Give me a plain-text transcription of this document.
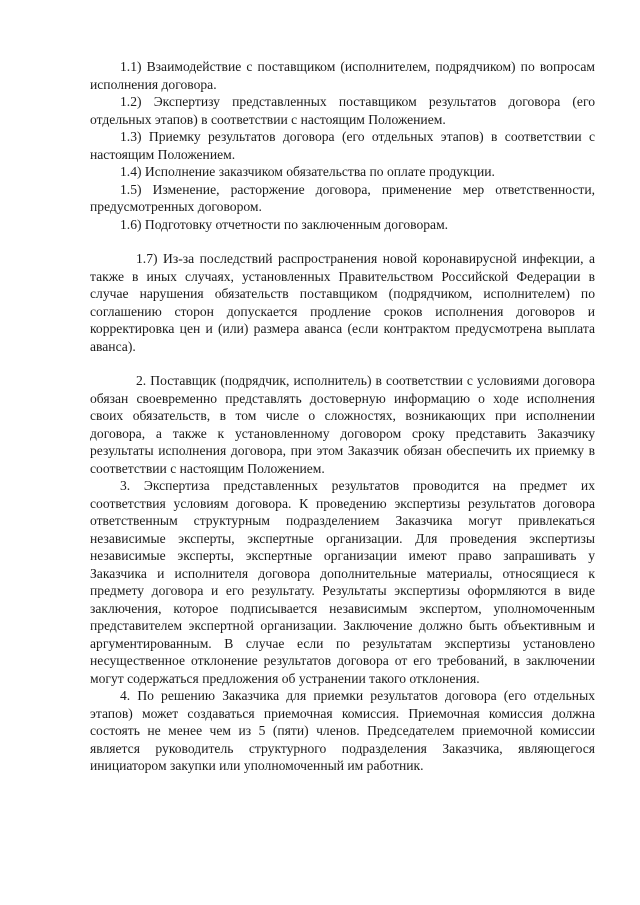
1.1) Взаимодействие с поставщиком (исполнителем, подрядчиком) по вопросам исполнения договора.

1.2) Экспертизу представленных поставщиком результатов договора (его отдельных этапов) в соответствии с настоящим Положением.

1.3) Приемку результатов договора (его отдельных этапов) в соответствии с настоящим Положением.

1.4) Исполнение заказчиком обязательства по оплате продукции.

1.5) Изменение, расторжение договора, применение мер ответственности, предусмотренных договором.

1.6) Подготовку отчетности по заключенным договорам.

1.7) Из-за последствий распространения новой коронавирусной инфекции, а также в иных случаях, установленных Правительством Российской Федерации в случае нарушения обязательств поставщиком (подрядчиком, исполнителем) по соглашению сторон допускается продление сроков исполнения договоров и корректировка цен и (или) размера аванса (если контрактом предусмотрена выплата аванса).

2. Поставщик (подрядчик, исполнитель) в соответствии с условиями договора обязан своевременно представлять достоверную информацию о ходе исполнения своих обязательств, в том числе о сложностях, возникающих при исполнении договора, а также к установленному договором сроку представить Заказчику результаты исполнения договора, при этом Заказчик обязан обеспечить их приемку в соответствии с настоящим Положением.

3. Экспертиза представленных результатов проводится на предмет их соответствия условиям договора. К проведению экспертизы результатов договора ответственным структурным подразделением Заказчика могут привлекаться независимые эксперты, экспертные организации. Для проведения экспертизы независимые эксперты, экспертные организации имеют право запрашивать у Заказчика и исполнителя договора дополнительные материалы, относящиеся к предмету договора и его результату. Результаты экспертизы оформляются в виде заключения, которое подписывается независимым экспертом, уполномоченным представителем экспертной организации. Заключение должно быть объективным и аргументированным. В случае если по результатам экспертизы установлено несущественное отклонение результатов договора от его требований, в заключении могут содержаться предложения об устранении такого отклонения.

4. По решению Заказчика для приемки результатов договора (его отдельных этапов) может создаваться приемочная комиссия. Приемочная комиссия должна состоять не менее чем из 5 (пяти) членов. Председателем приемочной комиссии является руководитель структурного подразделения Заказчика, являющегося инициатором закупки или уполномоченный им работник.
